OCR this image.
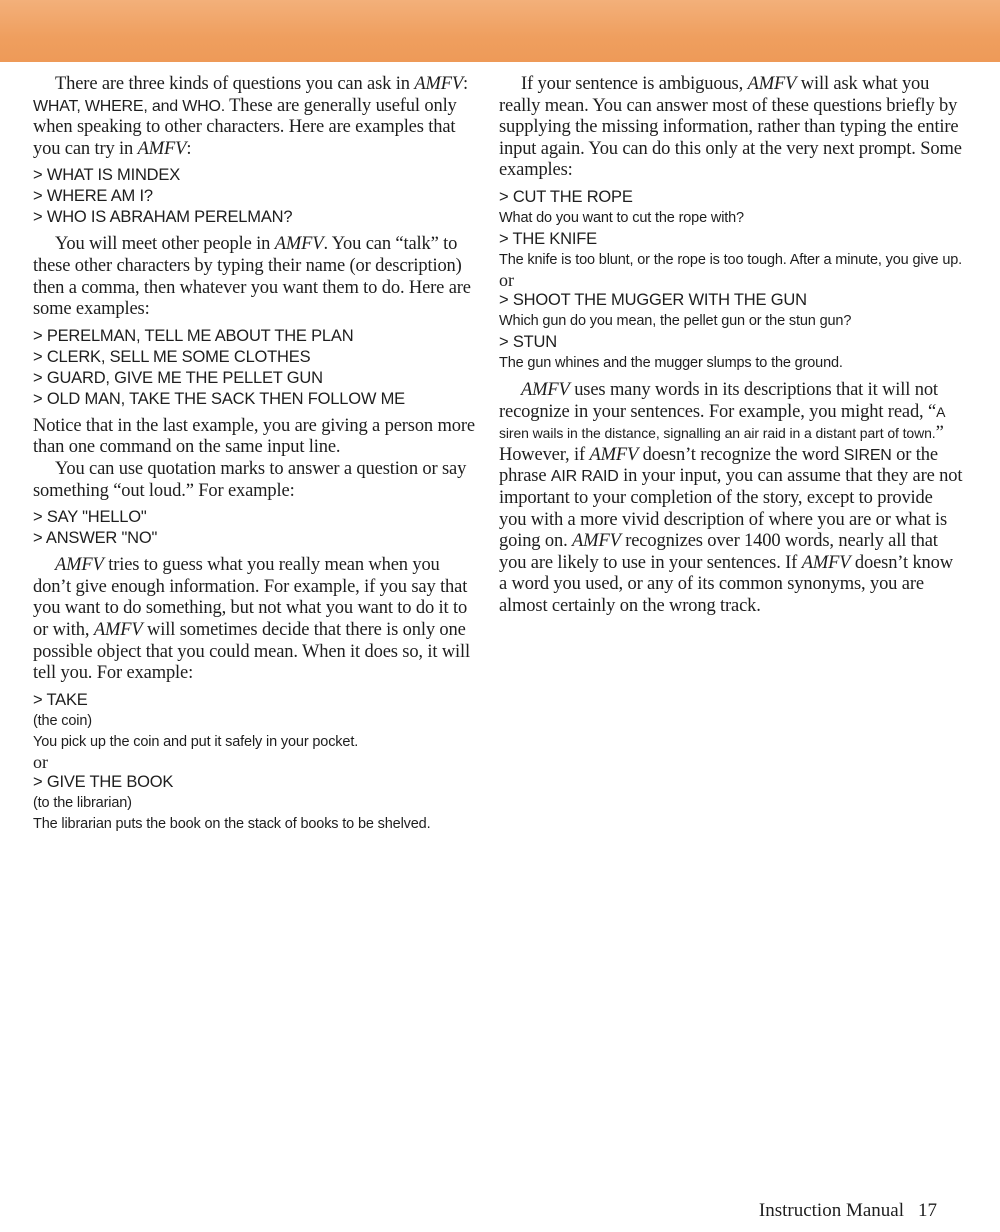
There are three kinds of questions you can ask in AMFV: WHAT, WHERE, and WHO. These are generally useful only when speaking to other characters. Here are examples that you can try in AMFV:

> WHAT IS MINDEX

> WHERE AM I?

> WHO IS ABRAHAM PERELMAN?

You will meet other people in AMFV. You can “talk” to these other characters by typing their name (or description) then a comma, then whatever you want them to do. Here are some examples:

> PERELMAN, TELL ME ABOUT THE PLAN

> CLERK, SELL ME SOME CLOTHES

> GUARD, GIVE ME THE PELLET GUN

> OLD MAN, TAKE THE SACK THEN FOLLOW ME

Notice that in the last example, you are giving a person more than one command on the same input line.

You can use quotation marks to answer a question or say something “out loud.” For example:

> SAY "HELLO"

> ANSWER "NO"

AMFV tries to guess what you really mean when you don’t give enough information. For example, if you say that you want to do something, but not what you want to do it to or with, AMFV will sometimes decide that there is only one possible object that you could mean. When it does so, it will tell you. For example:

> TAKE

(the coin)

You pick up the coin and put it safely in your pocket.

or

> GIVE THE BOOK

(to the librarian)

The librarian puts the book on the stack of books to be shelved.

If your sentence is ambiguous, AMFV will ask what you really mean. You can answer most of these questions briefly by supplying the missing information, rather than typing the entire input again. You can do this only at the very next prompt. Some examples:

> CUT THE ROPE

What do you want to cut the rope with?

> THE KNIFE

The knife is too blunt, or the rope is too tough. After a minute, you give up.

or

> SHOOT THE MUGGER WITH THE GUN

Which gun do you mean, the pellet gun or the stun gun?

> STUN

The gun whines and the mugger slumps to the ground.

AMFV uses many words in its descriptions that it will not recognize in your sentences. For example, you might read, “A siren wails in the distance, signalling an air raid in a distant part of town.” However, if AMFV doesn’t recognize the word SIREN or the phrase AIR RAID in your input, you can assume that they are not important to your completion of the story, except to provide you with a more vivid description of where you are or what is going on. AMFV recognizes over 1400 words, nearly all that you are likely to use in your sentences. If AMFV doesn’t know a word you used, or any of its common synonyms, you are almost certainly on the wrong track.

Instruction Manual 17
